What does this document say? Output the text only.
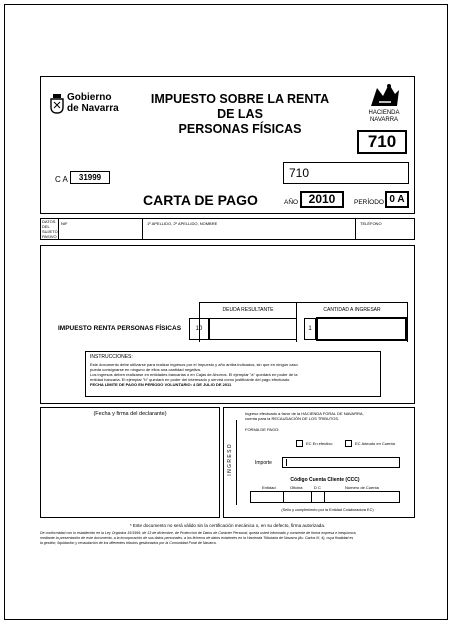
Gobierno
de Navarra
IMPUESTO SOBRE LA RENTA
DE LAS
PERSONAS FÍSICAS
HACIENDA
NAVARRA
710
C A	31999	710
CARTA DE PAGO	AÑO 2010	PERÍODO 0 A
DATOS
DEL
SUJETO
PASIVO
NIF	1º APELLIDO, 2º APELLIDO, NOMBRE	TELÉFONO
DEUDA RESULTANTE	CANTIDAD A INGRESAR
IMPUESTO RENTA PERSONAS FÍSICAS	10	1
INSTRUCCIONES:
Este documento debe utilizarse para realizar ingresos por el Impuesto y año arriba indicados, sin que en ningún caso
pueda consignarse en ninguno de ellos una cantidad negativa.
Los ingresos deben realizarse en entidades bancarias o en Cajas de Ahorros. El ejemplar "a" quedará en poder de la
entidad bancaria. El ejemplar "b" quedará en poder del interesado y servirá como justificante del pago efectuado.
FECHA LÍMITE DE PAGO EN PERÍODO VOLUNTARIO: 4 DE JULIO DE 2011
(Fecha y firma del declarante)
I N G R E S O
Ingreso efectuado a favor de la HACIENDA FORAL DE NAVARRA,
cuenta para la RECAUDACIÓN DE LOS TRIBUTOS.
FORMA DE PAGO:
EC En efectivo	EC Adeudo en Cuenta
Importe
Código Cuenta Cliente (CCC)
Entidad	Oficina	D C	Número de Cuenta
(Sello y cumplimiento por la Entidad Colaboradora EC)
* Este documento no será válido sin la certificación mecánica o, en su defecto, firma autorizada.
De conformidad con lo establecido en la Ley Orgánica 15/1999, de 13 de diciembre, de Protección de Datos de Carácter Personal, queda usted informado y consiente de forma expresa e inequívoca,
mediante la presentación de este documento, a la incorporación de sus datos personales, a los ficheros de datos existentes en la Hacienda Tributaria de Navarra (Av. Carlos III, 4), cuya finalidad es
la gestión, liquidación y recaudación de los diferentes tributos gestionados por la Comunidad Foral de Navarra.
